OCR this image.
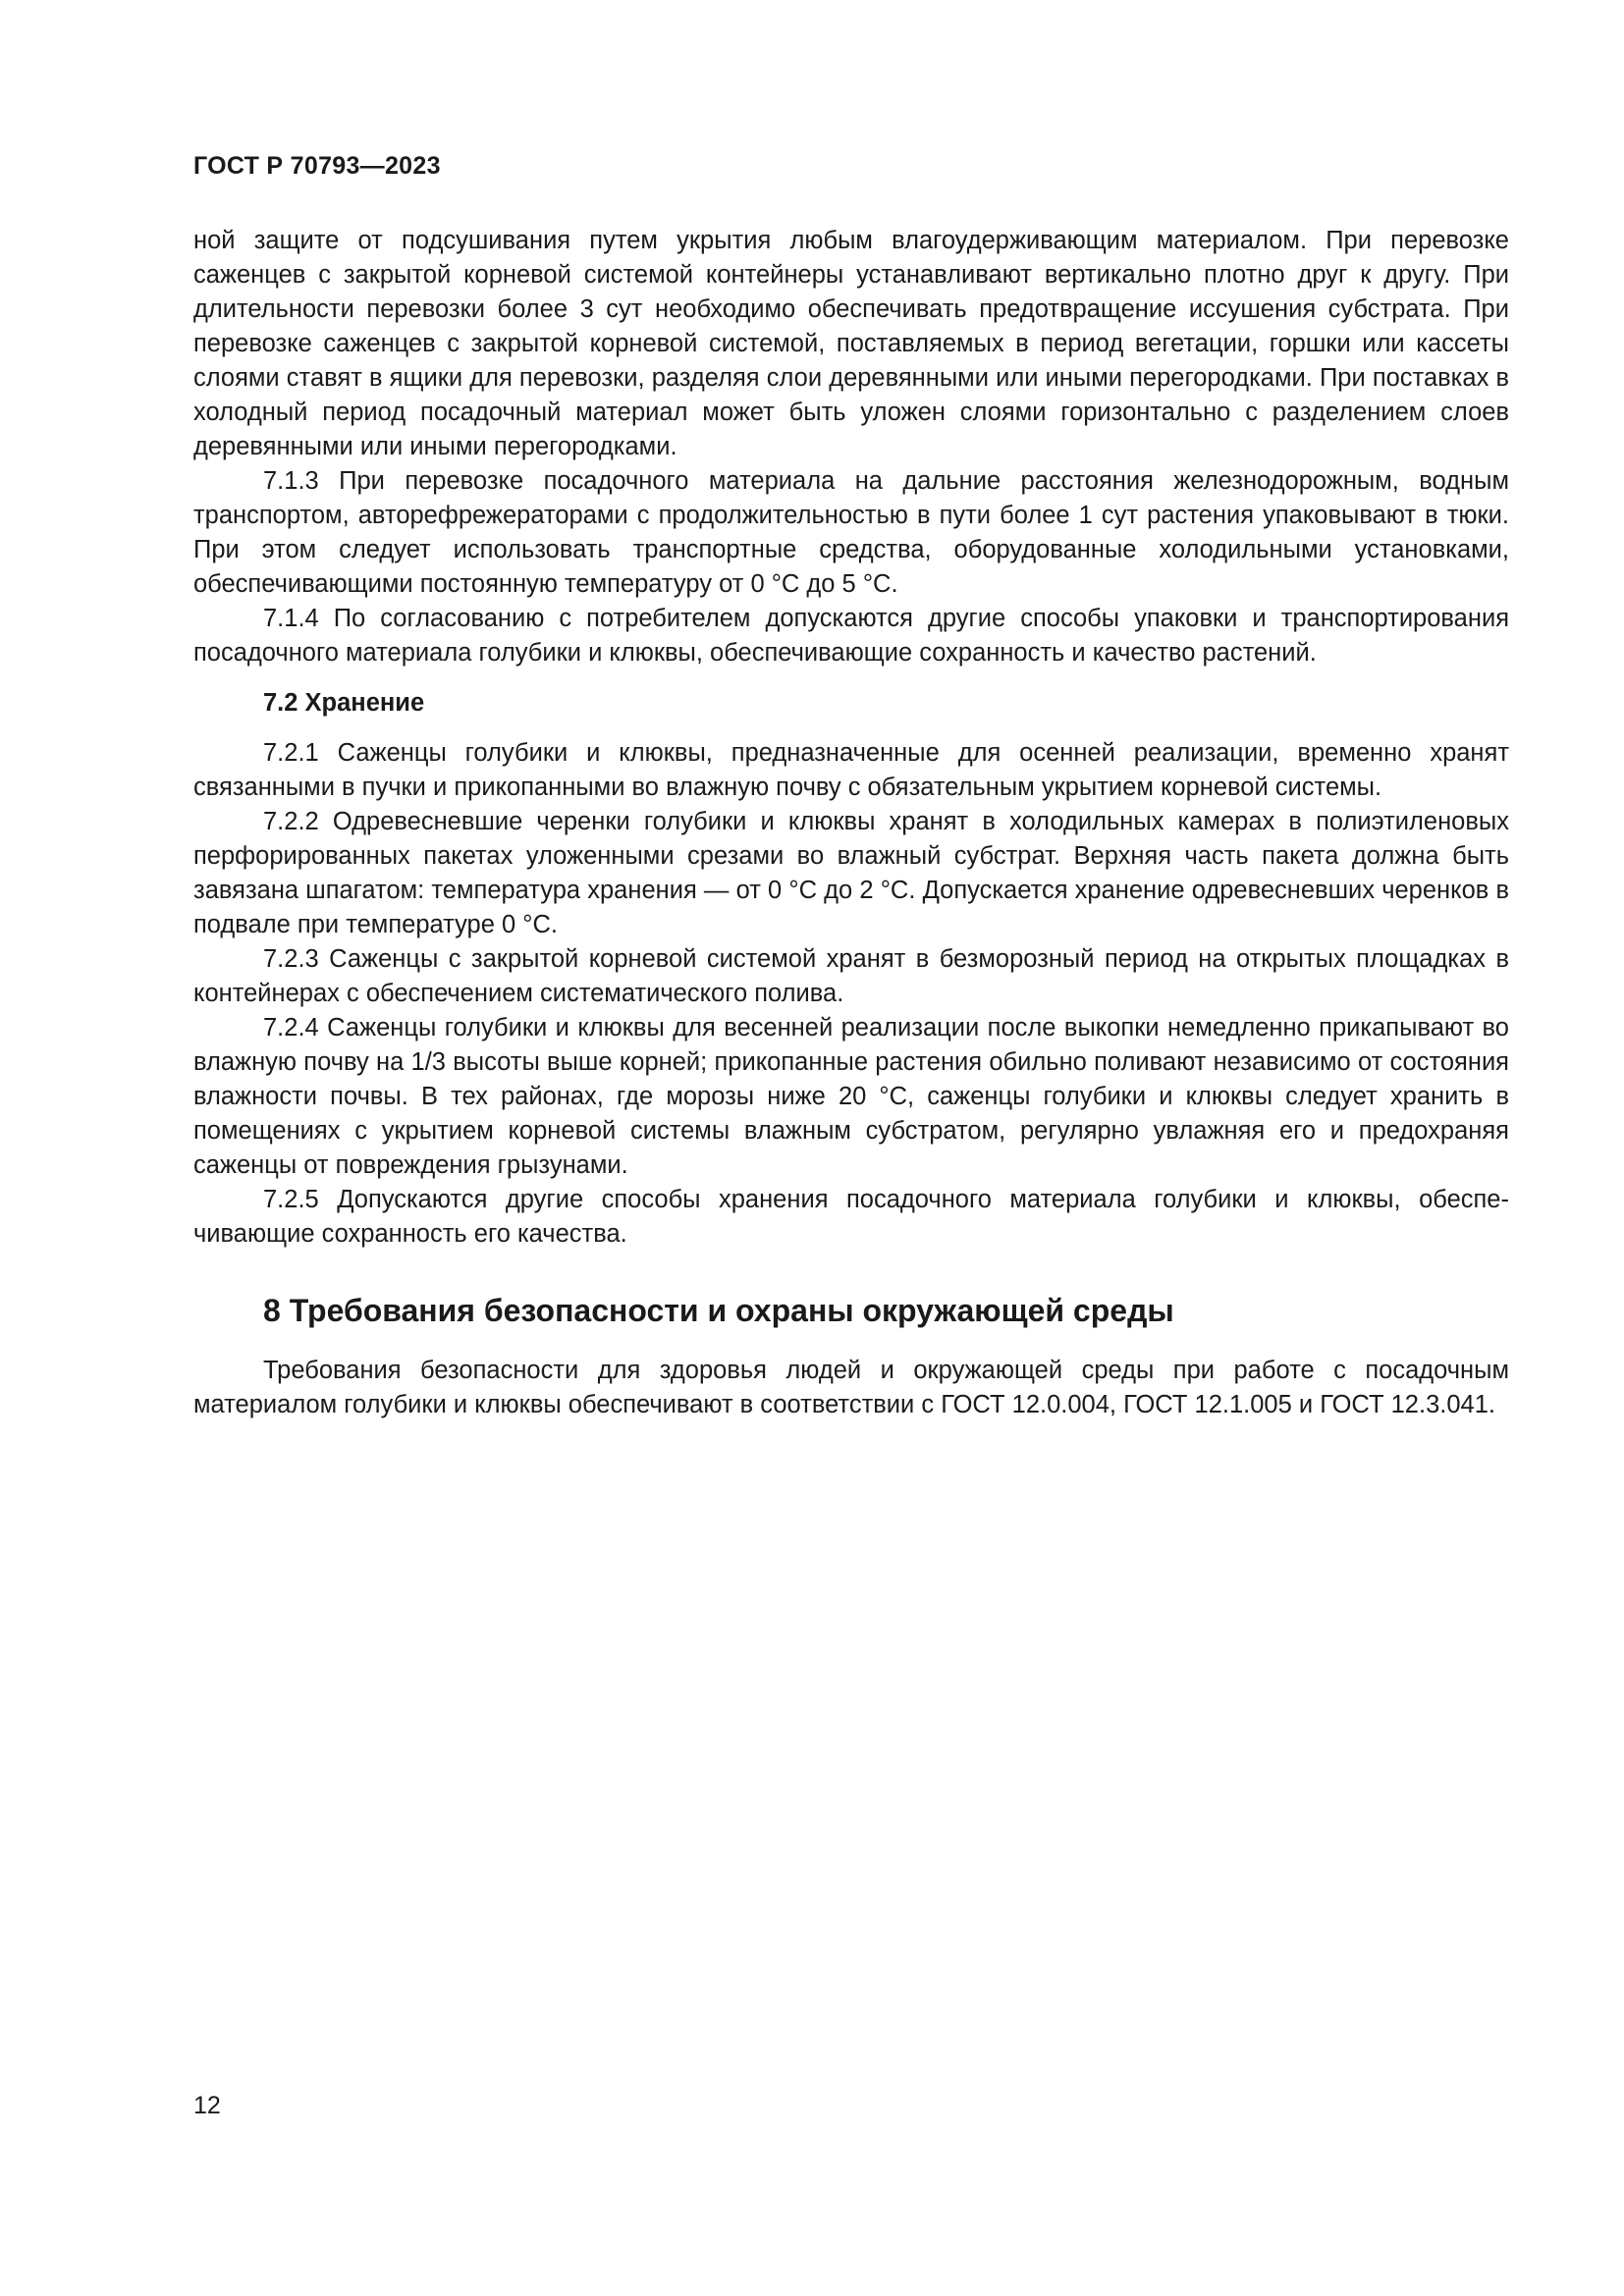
ГОСТ Р 70793—2023

ной защите от подсушивания путем укрытия любым влагоудерживающим материалом. При перевозке саженцев с закрытой корневой системой контейнеры устанавливают вертикально плотно друг к другу. При длительности перевозки более 3 сут необходимо обеспечивать предотвращение иссушения субстрата. При перевозке саженцев с закрытой корневой системой, поставляемых в период вегетации, горшки или кассеты слоями ставят в ящики для перевозки, разделяя слои деревянными или иными перегородками. При поставках в холодный период посадочный материал может быть уложен слоями горизонтально с разделением слоев деревянными или иными перегородками.

7.1.3 При перевозке посадочного материала на дальние расстояния железнодорожным, водным транспортом, авторефрежераторами с продолжительностью в пути более 1 сут растения упаковывают в тюки. При этом следует использовать транспортные средства, оборудованные холодильными установками, обеспечивающими постоянную температуру от 0 °С до 5 °С.

7.1.4 По согласованию с потребителем допускаются другие способы упаковки и транспортирования посадочного материала голубики и клюквы, обеспечивающие сохранность и качество растений.

7.2 Хранение

7.2.1 Саженцы голубики и клюквы, предназначенные для осенней реализации, временно хранят связанными в пучки и прикопанными во влажную почву с обязательным укрытием корневой системы.

7.2.2 Одревесневшие черенки голубики и клюквы хранят в холодильных камерах в полиэтиленовых перфорированных пакетах уложенными срезами во влажный субстрат. Верхняя часть пакета должна быть завязана шпагатом: температура хранения — от 0 °С до 2 °С. Допускается хранение одревесневших черенков в подвале при температуре 0 °С.

7.2.3 Саженцы с закрытой корневой системой хранят в безморозный период на открытых площадках в контейнерах с обеспечением систематического полива.

7.2.4 Саженцы голубики и клюквы для весенней реализации после выкопки немедленно прикапывают во влажную почву на 1/3 высоты выше корней; прикопанные растения обильно поливают независимо от состояния влажности почвы. В тех районах, где морозы ниже 20 °С, саженцы голубики и клюквы следует хранить в помещениях с укрытием корневой системы влажным субстратом, регулярно увлажняя его и предохраняя саженцы от повреждения грызунами.

7.2.5 Допускаются другие способы хранения посадочного материала голубики и клюквы, обеспечивающие сохранность его качества.

8 Требования безопасности и охраны окружающей среды

Требования безопасности для здоровья людей и окружающей среды при работе с посадочным материалом голубики и клюквы обеспечивают в соответствии с ГОСТ 12.0.004, ГОСТ 12.1.005 и ГОСТ 12.3.041.

12
